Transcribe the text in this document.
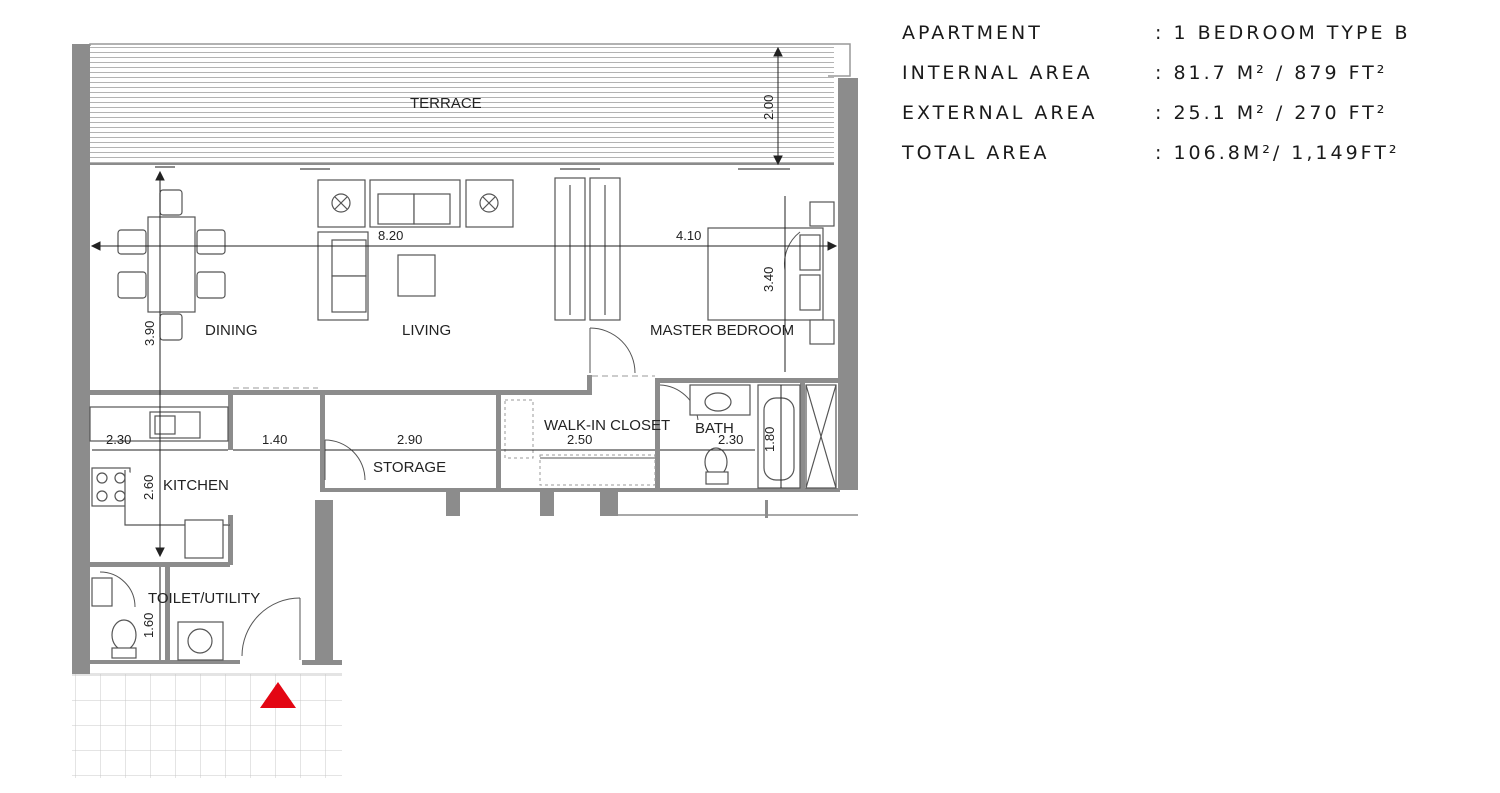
TERRACE
DINING	LIVING	MASTER BEDROOM
WALK-IN CLOSET BATH
STORAGE
KITCHEN
TOILET/UTILITY
2.00
8.20	4.10
3.40
3.90
2.30	1.40	2.90	2.50	2.30 1.80
2.60
1.60
APARTMENT	: 1 BEDROOM TYPE B
INTERNAL AREA	: 81.7 M² / 879 FT²
EXTERNAL AREA	: 25.1 M² / 270 FT²
TOTAL AREA	: 106.8M²/ 1,149FT²
